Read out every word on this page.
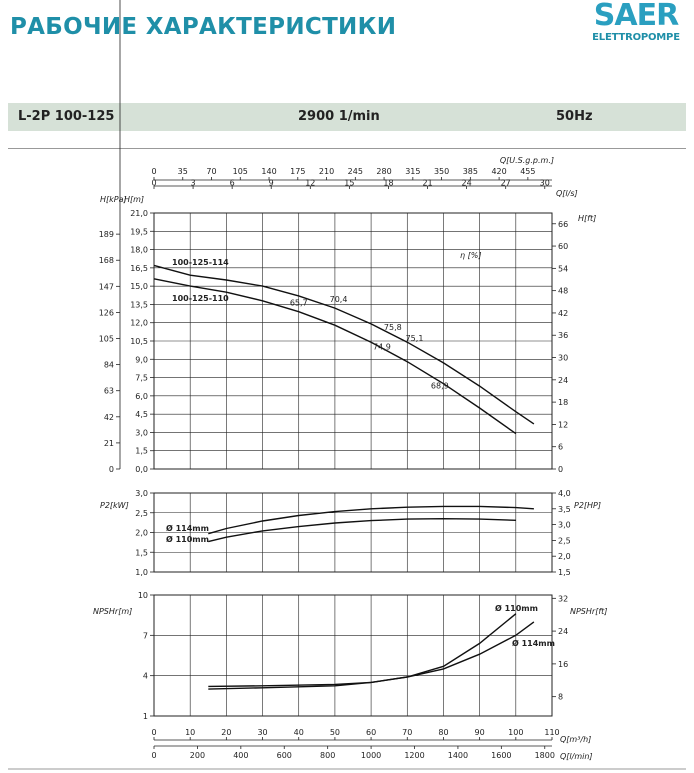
РАБОЧИЕ ХАРАКТЕРИСТИКИ	SAER
ELETTROPOMPE
L-2P 100-125	2900 1/min	50Hz
0,0
1,5
3,0
4,5
6,0
7,5
9,0
10,5
12,0
13,5
15,0
16,5
18,0
19,5
21,0
0
21
42
63
84
105
126
147
168
189
H[kPa]
H[m]
0
6
12
18
24
30
36
42
48
54
60
66
H[ft]
0	35 70 105 140 175 210 245 280 315 350 385 420 455
0	3	6	9	12	15	18	21	24	27	30
Q[U.S.g.p.m.]
Q[l/s]
η [%]
100-125-114
100-125-110
65,7	70,4
75,8
74,9
75,1
68,9
1,0
1,5
2,0
2,5
3,0
1,5
2,0
2,5
3,0
3,5
4,0
P2[kW]	P2[HP]
Ø 114mm
Ø 110mm
1
4
7
10
8
16
24
32
NPSHr[m]	NPSHr[ft]
Ø 110mm
Ø 114mm
0	10	20	30	40	50	60	70	80	90	100	110
0	200	400	600	800	1000	1200	1400	1600	1800
Q[m³/h]
Q[l/min]
